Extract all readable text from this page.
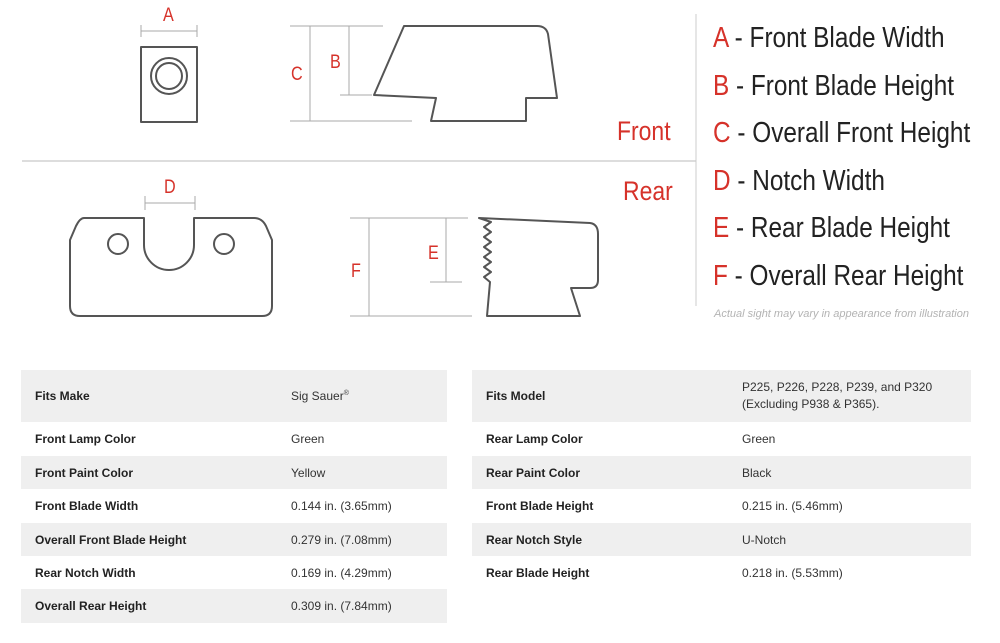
A
B
C
D
E
F
Front
Rear
A - Front Blade Width
B - Front Blade Height
C - Overall Front Height
D - Notch Width
E - Rear Blade Height
F - Overall Rear Height
Actual sight may vary in appearance from illustration
Fits Make	Sig Sauer®
Front Lamp Color	Green
Front Paint Color	Yellow
Front Blade Width	0.144 in. (3.65mm)
Overall Front Blade Height	0.279 in. (7.08mm)
Rear Notch Width	0.169 in. (4.29mm)
Overall Rear Height	0.309 in. (7.84mm)
Fits Model	P225, P226, P228, P239, and P320
(Excluding P938 & P365).
Rear Lamp Color	Green
Rear Paint Color	Black
Front Blade Height	0.215 in. (5.46mm)
Rear Notch Style	U-Notch
Rear Blade Height	0.218 in. (5.53mm)
